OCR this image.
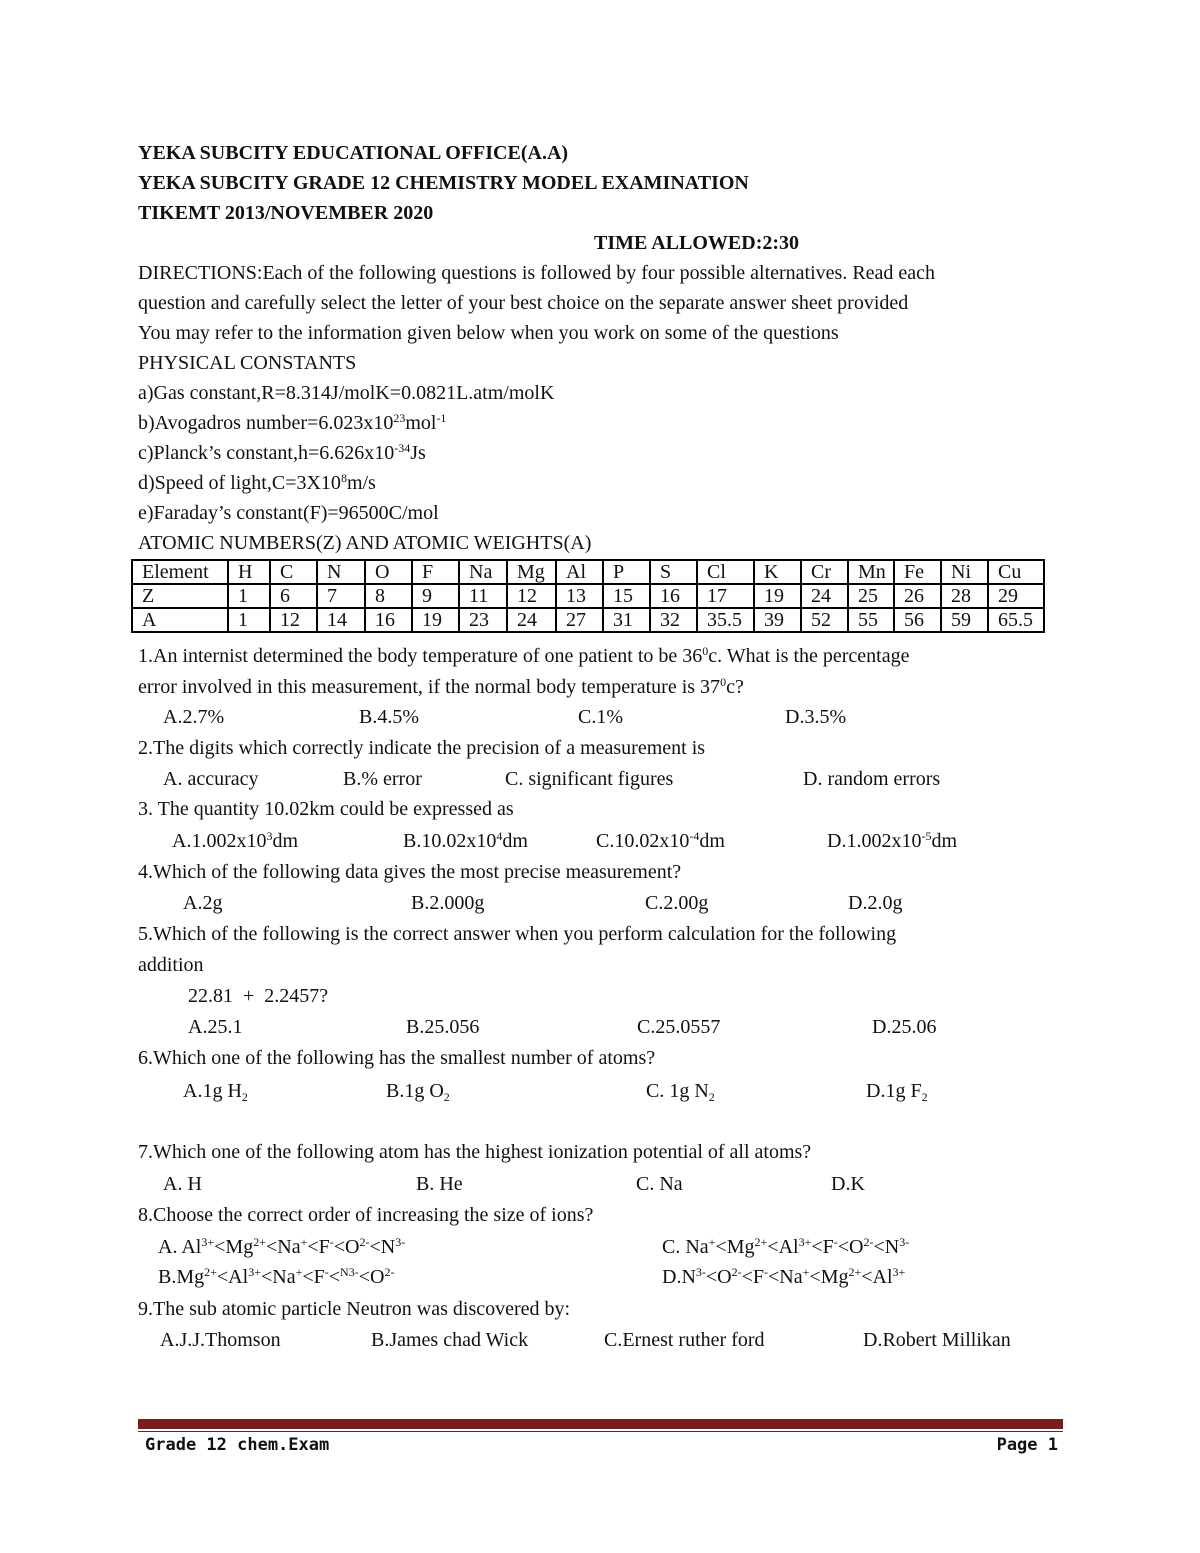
YEKA SUBCITY EDUCATIONAL OFFICE(A.A)
YEKA SUBCITY GRADE 12 CHEMISTRY MODEL EXAMINATION
TIKEMT 2013/NOVEMBER 2020
TIME ALLOWED:2:30
DIRECTIONS:Each of the following questions is followed by four possible alternatives. Read each
question and carefully select the letter of your best choice on the separate answer sheet provided
You may refer to the information given below when you work on some of the questions
PHYSICAL CONSTANTS
a)Gas constant,R=8.314J/molK=0.0821L.atm/molK
b)Avogadros $number=6.023x10^{23}mol^{-1}$
c)Planck’s $constant,h=6.626x10^{-34}Js$
d)Speed of $light,C=3X10^8m/s$
e)Faraday’s constant(F)=96500C/mol
ATOMIC NUMBERS(Z) AND ATOMIC WEIGHTS(A)
Element	H	C	N	O	F	Na	Mg	Al	P	S	Cl	K	Cr	Mn	Fe	Ni	Cu
Z	1	6	7	8	9	11	12	13	15	16	17	19	24	25	26	28	29
A	1	12	14	16	19	23	24	27	31	32	35.5	39	52	55	56	59	65.5
1.An internist determined the body temperature of one patient to be $36^0c$. What is the percentage
error involved in this measurement, if the normal body temperature is $37^0c$?
A.2.7%	B.4.5%	C.1%	D.3.5%
2.The digits which correctly indicate the precision of a measurement is
A. accuracy	B.% error	C. significant figures	D. random errors
3. The quantity 10.02km could be expressed as
$A.1.002x10^3dm$	$B.10.02x10^4dm$	$C.10.02x10^{-4}dm$	$D.1.002x10^{-5}dm$
4.Which of the following data gives the most precise measurement?
A.2g	B.2.000g	C.2.00g	D.2.0g
5.Which of the following is the correct answer when you perform calculation for the following
addition
22.81  +  2.2457?
A.25.1	B.25.056	C.25.0557	D.25.06
6.Which one of the following has the smallest number of atoms?
A.1g $H_2$	B.1g $O_2$	C. 1g $N_2$	D.1g $F_2$
7.Which one of the following atom has the highest ionization potential of all atoms?
A. H	B. He	C. Na	D.K
8.Choose the correct order of increasing the size of ions?
A. $Al^{3+}<Mg^{2+}<Na^+<F^-<O^{2-}<N^{3-}$	C. $Na^+<Mg^{2+}<Al^{3+}<F^-<O^{2-}<N^{3-}$
$B.Mg^{2+}<Al^{3+}<Na^+<F^-<^{N3-}<O^{2-}$	$D.N^{3-}<O^{2-}<F^-<Na^+<Mg^{2+}<Al^{3+}$
9.The sub atomic particle Neutron was discovered by:
A.J.J.Thomson	B.James chad Wick	C.Ernest ruther ford	D.Robert Millikan
Grade 12 chem.Exam	Page 1
